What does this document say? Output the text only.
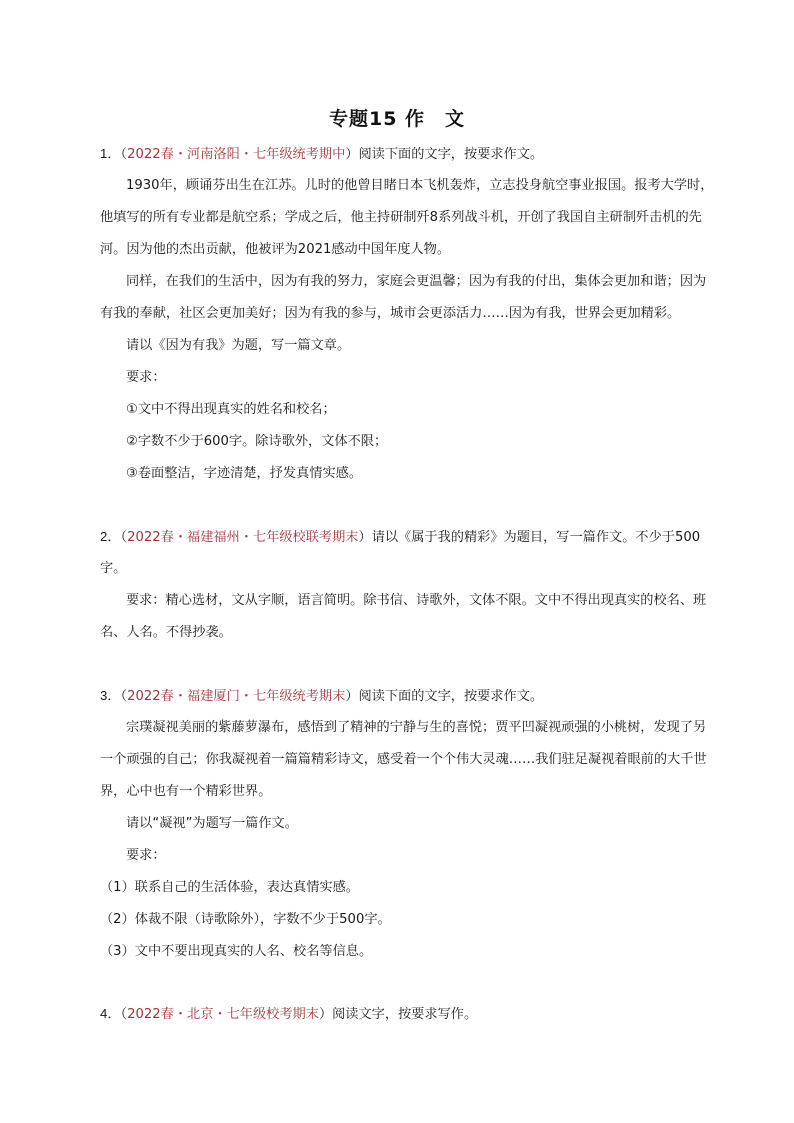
专题15 作　文
1．（2022春・河南洛阳・七年级统考期中）阅读下面的文字，按要求作文。
1930年，顾诵芬出生在江苏。儿时的他曾目睹日本飞机轰炸，立志投身航空事业报国。报考大学时，
他填写的所有专业都是航空系；学成之后，他主持研制歼8系列战斗机，开创了我国自主研制歼击机的先
河。因为他的杰出贡献，他被评为2021感动中国年度人物。
同样，在我们的生活中，因为有我的努力，家庭会更温馨；因为有我的付出，集体会更加和谐；因为
有我的奉献，社区会更加美好；因为有我的参与，城市会更添活力……因为有我，世界会更加精彩。
请以《因为有我》为题，写一篇文章。
要求：
①文中不得出现真实的姓名和校名；
②字数不少于600字。除诗歌外，文体不限；
③卷面整洁，字迹清楚，抒发真情实感。
2．（2022春・福建福州・七年级校联考期末）请以《属于我的精彩》为题目，写一篇作文。不少于500
字。
要求：精心选材，文从字顺，语言简明。除书信、诗歌外，文体不限。文中不得出现真实的校名、班
名、人名。不得抄袭。
3．（2022春・福建厦门・七年级统考期末）阅读下面的文字，按要求作文。
宗璞凝视美丽的紫藤萝瀑布，感悟到了精神的宁静与生的喜悦；贾平凹凝视顽强的小桃树，发现了另
一个顽强的自己；你我凝视着一篇篇精彩诗文，感受着一个个伟大灵魂……我们驻足凝视着眼前的大千世
界，心中也有一个精彩世界。
请以“凝视”为题写一篇作文。
要求：
（1）联系自己的生活体验，表达真情实感。
（2）体裁不限（诗歌除外），字数不少于500字。
（3）文中不要出现真实的人名、校名等信息。
4．（2022春・北京・七年级校考期末）阅读文字，按要求写作。
